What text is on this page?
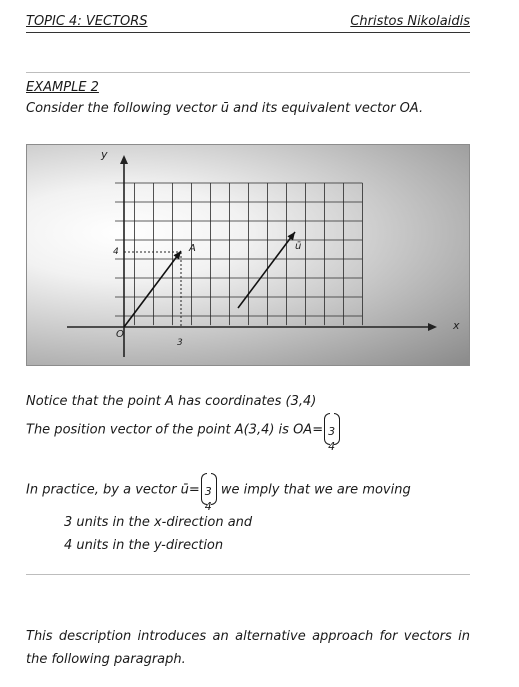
TOPIC 4: VECTORS	Christos Nikolaidis
EXAMPLE 2
Consider the following vector ū and its equivalent vector OA.
x
y
O
3
4	A	ū
Notice that the point A has coordinates (3,4)
The position vector of the point A(3,4) is OA= 3
4
In practice, by a vector ū= 3
4
we imply that we are moving
3 units in the x-direction and
4 units in the y-direction
This description introduces an alternative approach for vectors in the following paragraph.
